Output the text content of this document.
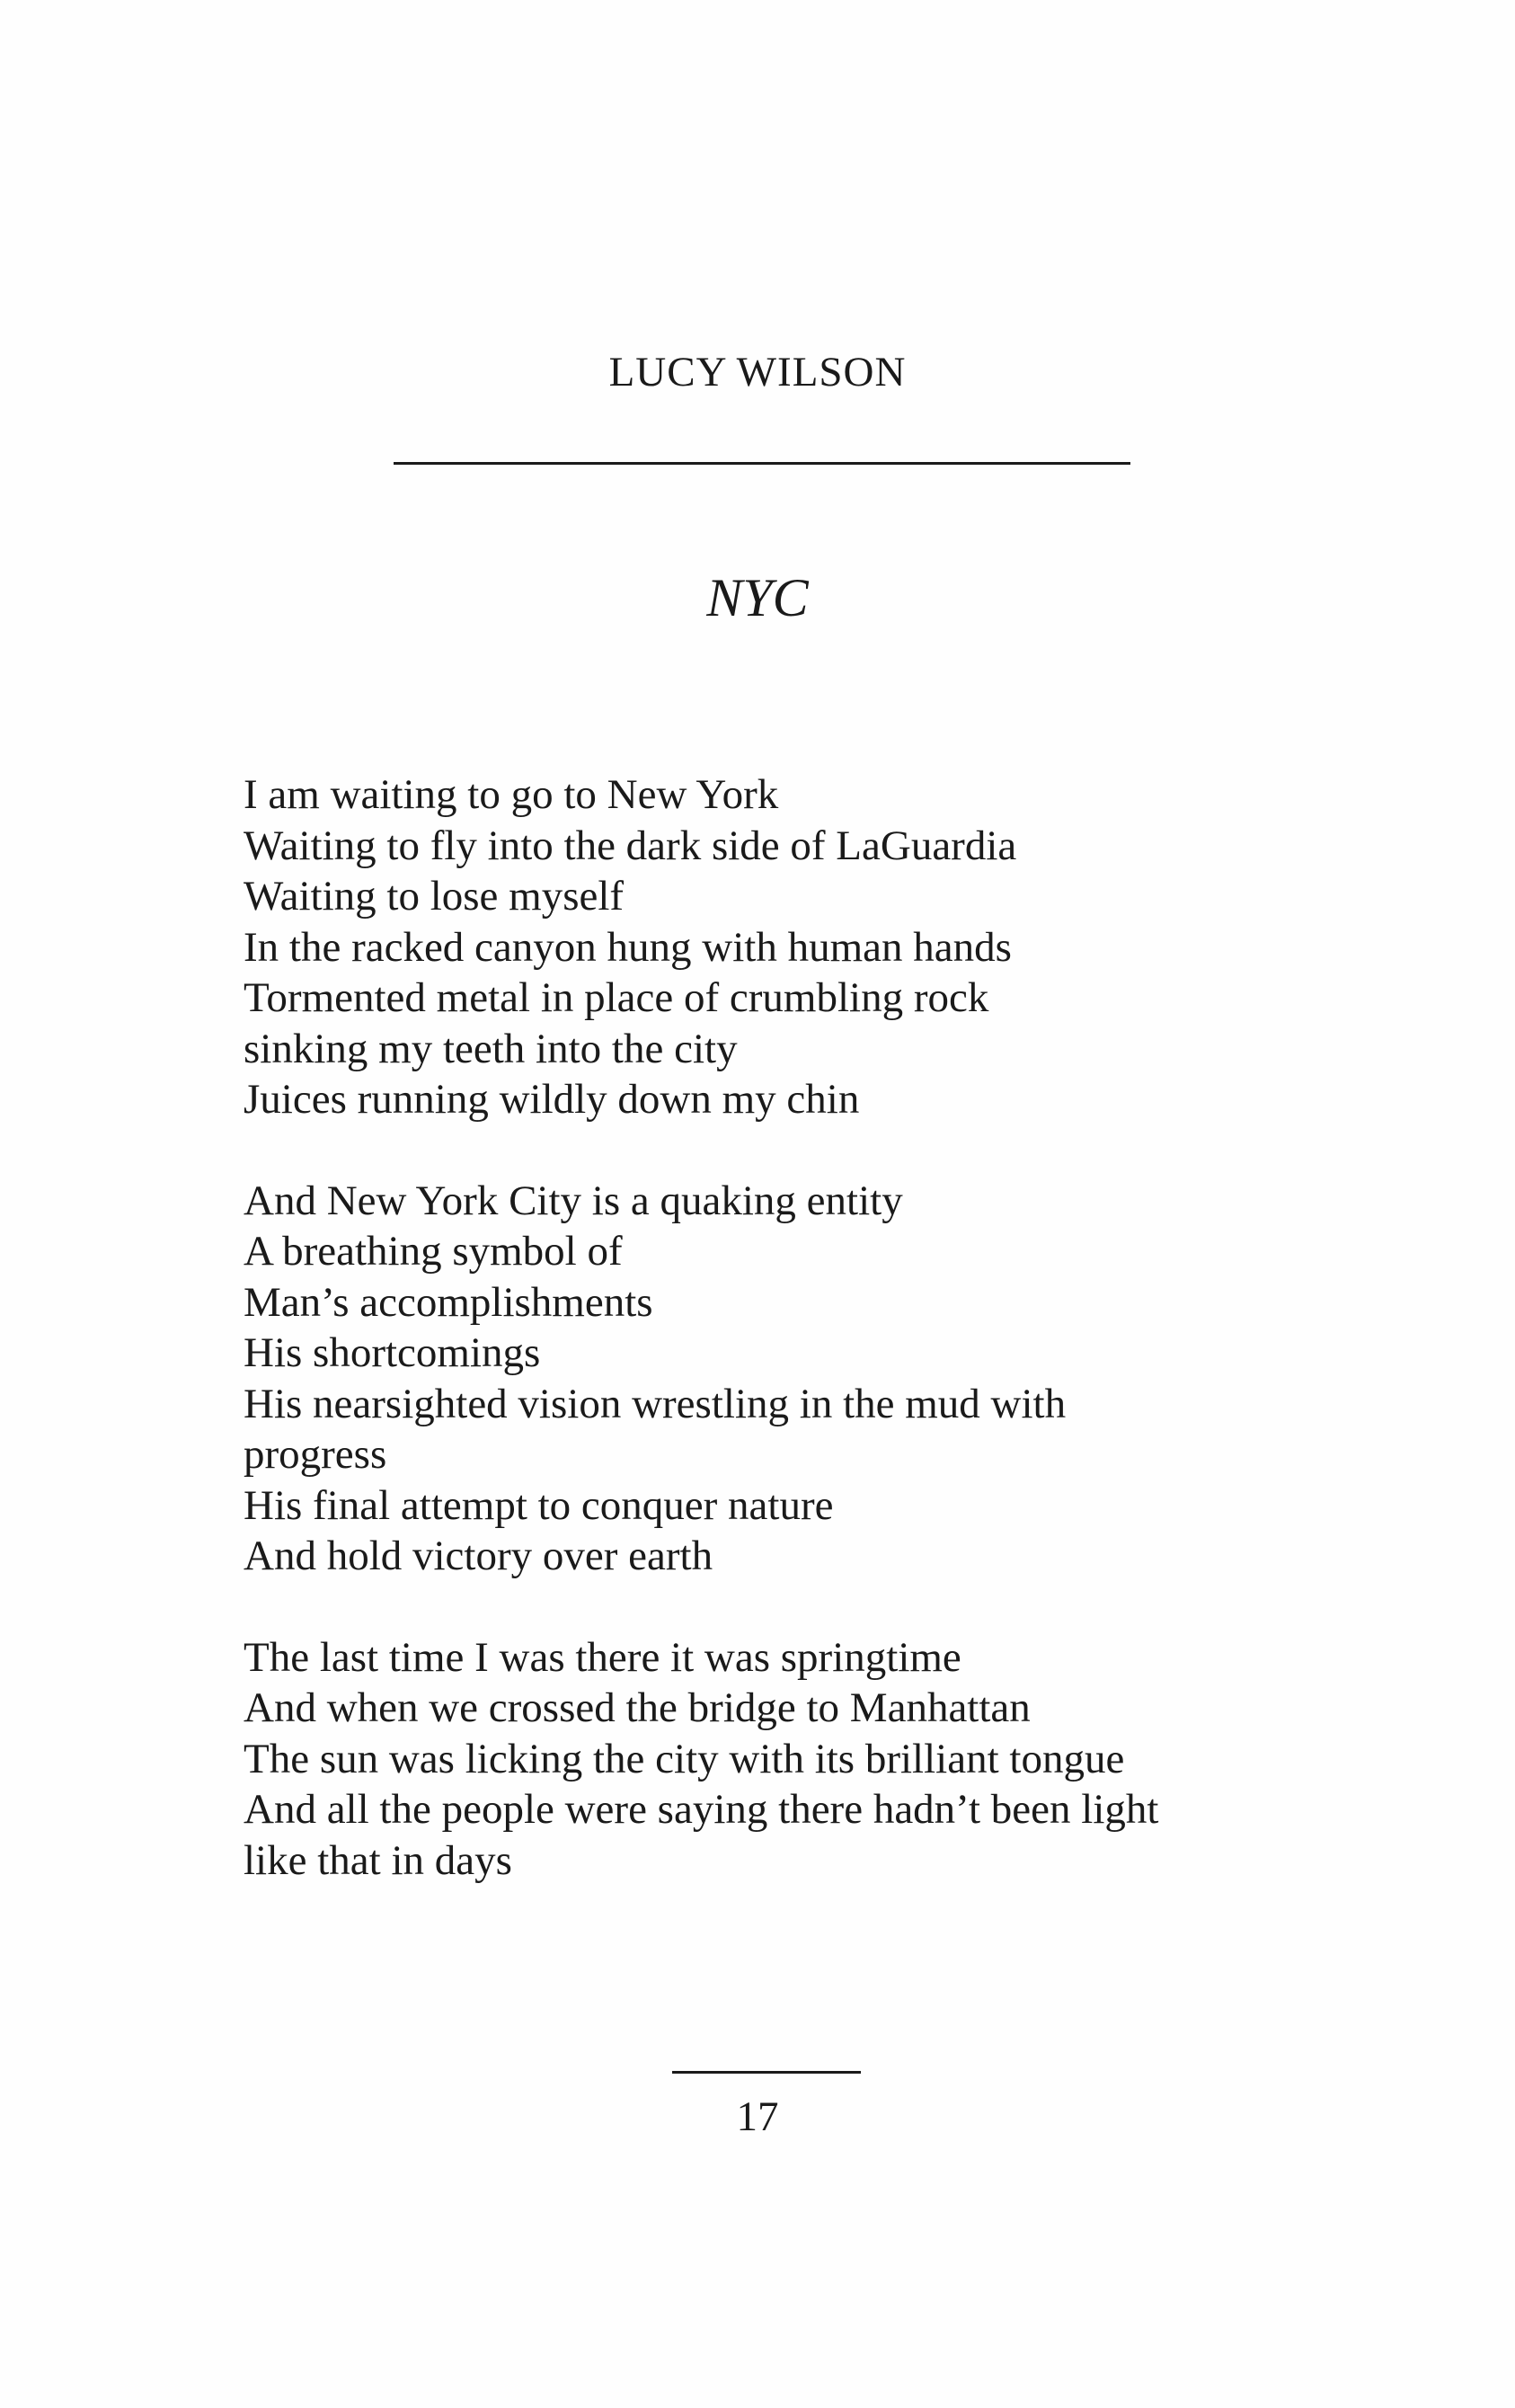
LUCY WILSON
NYC
I am waiting to go to New York
Waiting to fly into the dark side of LaGuardia
Waiting to lose myself
In the racked canyon hung with human hands
Tormented metal in place of crumbling rock
sinking my teeth into the city
Juices running wildly down my chin
And New York City is a quaking entity
A breathing symbol of
Man’s accomplishments
His shortcomings
His nearsighted vision wrestling in the mud with
progress
His final attempt to conquer nature
And hold victory over earth
The last time I was there it was springtime
And when we crossed the bridge to Manhattan
The sun was licking the city with its brilliant tongue
And all the people were saying there hadn’t been light
like that in days
17
